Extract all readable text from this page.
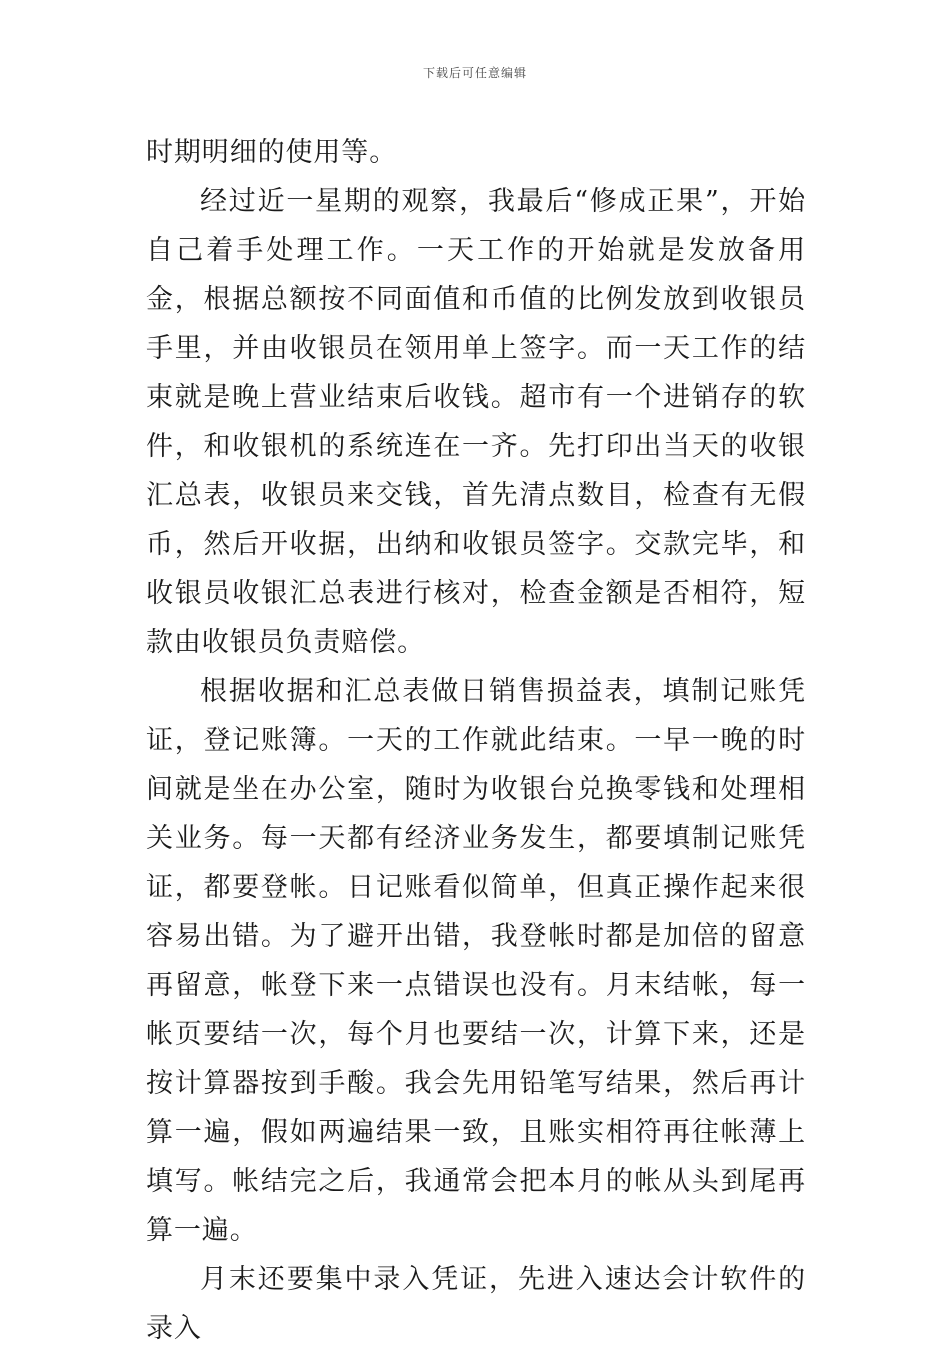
下载后可任意编辑

时期明细的使用等。

经过近一星期的观察，我最后“修成正果”，开始自己着手处理工作。一天工作的开始就是发放备用金，根据总额按不同面值和币值的比例发放到收银员手里，并由收银员在领用单上签字。而一天工作的结束就是晚上营业结束后收钱。超市有一个进销存的软件，和收银机的系统连在一齐。先打印出当天的收银汇总表，收银员来交钱，首先清点数目，检查有无假币，然后开收据，出纳和收银员签字。交款完毕，和收银员收银汇总表进行核对，检查金额是否相符，短款由收银员负责赔偿。

根据收据和汇总表做日销售损益表，填制记账凭证，登记账簿。一天的工作就此结束。一早一晚的时间就是坐在办公室，随时为收银台兑换零钱和处理相关业务。每一天都有经济业务发生，都要填制记账凭证，都要登帐。日记账看似简单，但真正操作起来很容易出错。为了避开出错，我登帐时都是加倍的留意再留意，帐登下来一点错误也没有。月末结帐，每一帐页要结一次，每个月也要结一次，计算下来，还是按计算器按到手酸。我会先用铅笔写结果，然后再计算一遍，假如两遍结果一致，且账实相符再往帐薄上填写。帐结完之后，我通常会把本月的帐从头到尾再算一遍。

月末还要集中录入凭证，先进入速达会计软件的录入
